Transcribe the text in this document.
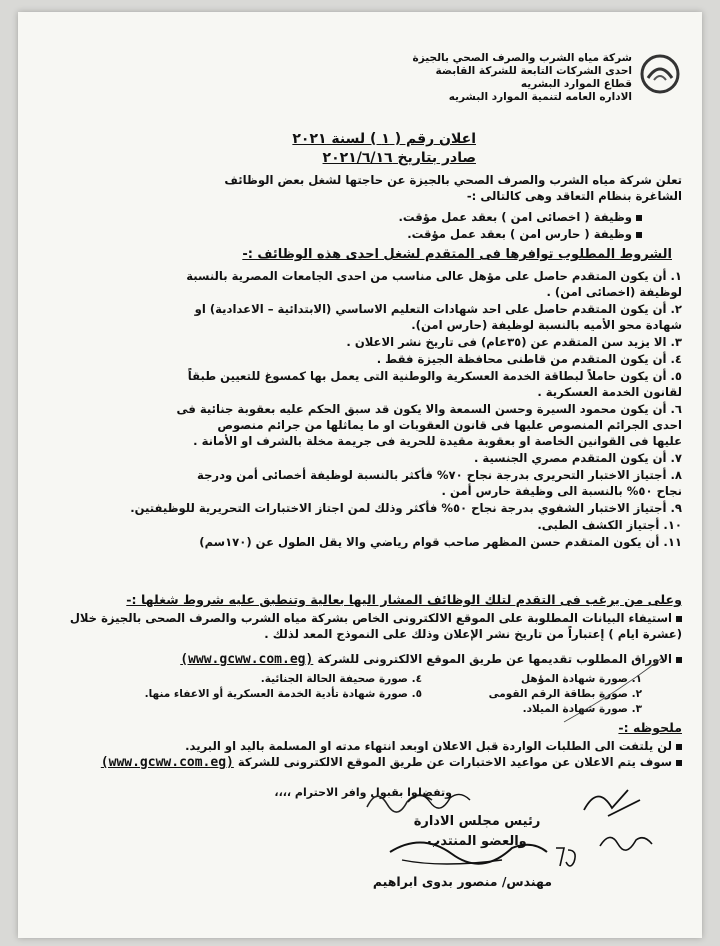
شركة مياه الشرب والصرف الصحي بالجيزة
احدى الشركات التابعة للشركة القابضة
قطاع الموارد البشريه
الاداره العامه لتنمية الموارد البشريه
اعلان رقم ( ١ ) لسنة ٢٠٢١
صادر بتاريخ ٢٠٢١/٦/١٦
تعلن شركة مياه الشرب والصرف الصحي بالجيزة عن حاجتها لشغل بعض الوظائف
الشاغرة بنظام التعاقد وهى كالتالى :-
وظيفة ( اخصائى امن ) بعقد عمل مؤقت.
وظيفة ( حارس امن ) بعقد عمل مؤقت.
الشروط المطلوب توافرها فى المتقدم لشغل احدى هذه الوظائف :-
١. أن يكون المتقدم حاصل على مؤهل عالى مناسب من احدى الجامعات المصرية بالنسبة
لوظيفة (اخصائى امن) .
٢. أن يكون المتقدم حاصل على احد شهادات التعليم الاساسي (الابتدائية – الاعدادية) او
شهادة محو الأميه بالنسبة لوظيفة (حارس امن).
٣. الا يزيد سن المتقدم عن (٣٥عام) فى تاريخ نشر الاعلان .
٤. أن يكون المتقدم من قاطنى محافظة الجيزة فقط .
٥. أن يكون حاملاً لبطاقة الخدمة العسكرية والوطنية التى يعمل بها كمسوغ للتعيين طبقاً
لقانون الخدمة العسكرية .
٦. أن يكون محمود السيرة وحسن السمعة والا يكون قد سبق الحكم عليه بعقوبة جنائية فى
احدى الجرائم المنصوص عليها فى قانون العقوبات او ما يماثلها من جرائم منصوص
عليها فى القوانين الخاصة او بعقوبة مقيدة للحرية فى جريمة مخلة بالشرف او الأمانة .
٧. أن يكون المتقدم مصري الجنسية .
٨. أجتياز الاختبار التحريرى بدرجة نجاح ٧٠% فأكثر بالنسبة لوظيفة أخصائى أمن ودرجة
نجاح ٥٠% بالنسبة الى وظيفة حارس أمن .
٩. أجتياز الاختبار الشفوي بدرجة نجاح ٥٠% فأكثر وذلك لمن اجتاز الاختبارات التحريرية للوظيفتين.
١٠. أجتياز الكشف الطبى.
١١. أن يكون المتقدم حسن المظهر صاحب قوام رياضي والا يقل الطول عن (١٧٠سم)
وعلى من يرغب فى التقدم لتلك الوظائف المشار اليها بعالية وتنطبق عليه شروط شغلها :-
استيفاء البيانات المطلوبة على الموقع الالكترونى الخاص بشركة مياه الشرب والصرف الصحى بالجيزة خلال
(عشرة ايام ) إعتباراً من تاريخ نشر الإعلان وذلك على النموذج المعد لذلك .
الاوراق المطلوب تقديمها عن طريق الموقع الالكترونى للشركة (www.gcww.com.eg)
١. صورة شهادة المؤهل
٢. صورة بطاقة الرقم القومى
٣. صورة شهادة الميلاد.
٤. صورة صحيفة الحالة الجنائية.
٥. صورة شهادة تأدية الخدمة العسكرية أو الاعفاء منها.
ملحوظه :-
لن يلتفت الى الطلبات الواردة قبل الاعلان اوبعد انتهاء مدته او المسلمة باليد او البريد.
سوف يتم الاعلان عن مواعيد الاختبارات عن طريق الموقع الالكترونى للشركة (www.gcww.com.eg)
وتفضلوا بقبول وافر الاحترام ،،،،
رئيس مجلس الادارة
والعضو المنتدب
مهندس/ منصور بدوى ابراهيم
